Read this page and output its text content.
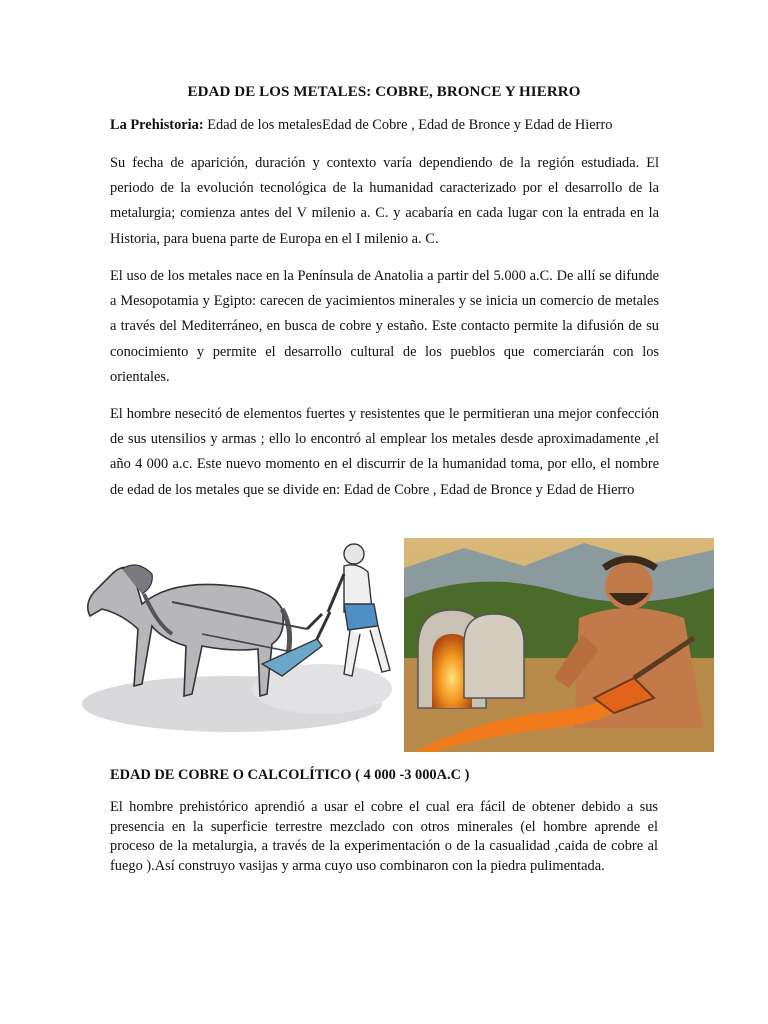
EDAD DE LOS METALES: COBRE, BRONCE Y HIERRO
La Prehistoria: Edad de los metalesEdad de Cobre , Edad de Bronce y Edad de Hierro
Su fecha de aparición, duración y contexto varía dependiendo de la región estudiada. El periodo de la evolución tecnológica de la humanidad caracterizado por el desarrollo de la metalurgia; comienza antes del V milenio a. C. y acabaría en cada lugar con la entrada en la Historia, para buena parte de Europa en el I milenio a. C.
El uso de los metales nace en la Península de Anatolia a partir del 5.000 a.C. De allí se difunde a Mesopotamia y Egipto: carecen de yacimientos minerales y se inicia un comercio de metales a través del Mediterráneo, en busca de cobre y estaño. Este contacto permite la difusión de su conocimiento y permite el desarrollo cultural de los pueblos que comerciarán con los orientales.
El hombre nesecitó de elementos fuertes y resistentes que le permitieran una mejor confección de sus utensilios y armas ; ello lo encontró al emplear los metales desde aproximadamente ,el año 4 000 a.c. Este nuevo momento en el discurrir de la humanidad toma, por ello, el nombre de edad de los metales que se divide en: Edad de Cobre , Edad de Bronce y Edad de Hierro
EDAD DE COBRE O CALCOLÍTICO ( 4 000 -3 000A.C )
El hombre prehistórico aprendió a usar el cobre el cual era fácil de obtener debido a sus presencia en la superficie terrestre mezclado con otros minerales (el hombre aprende el proceso de la metalurgia, a través de la experimentación o de la casualidad ,caida de cobre al fuego ).Así construyo vasijas y arma cuyo uso combinaron con la piedra pulimentada.
